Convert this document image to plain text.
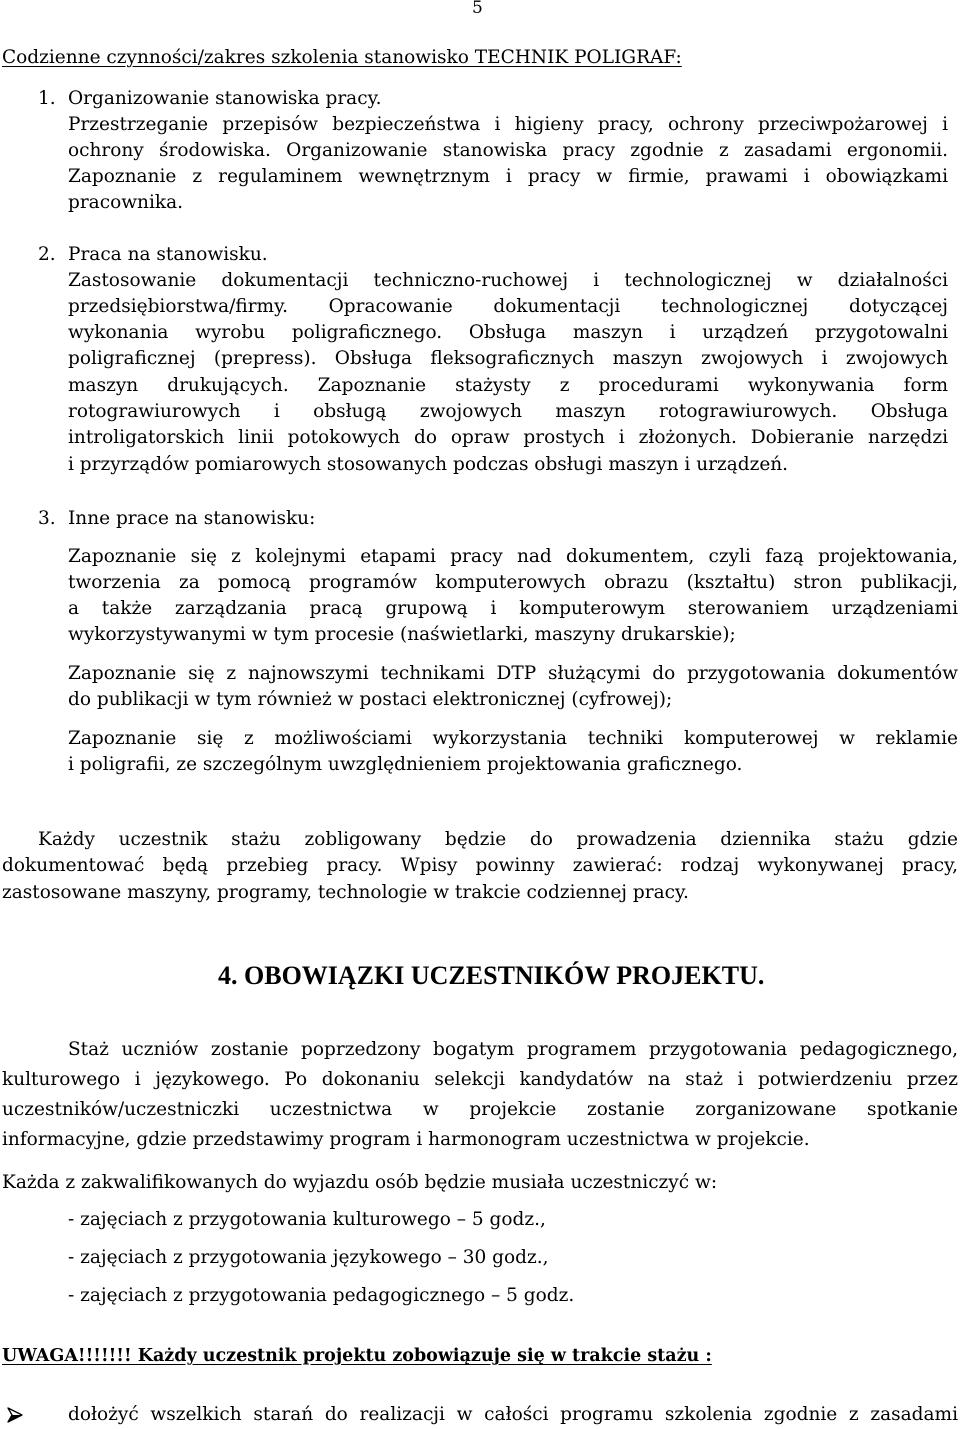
5
Codzienne czynności/zakres szkolenia stanowisko TECHNIK POLIGRAF:
1. Organizowanie stanowiska pracy.
Przestrzeganie przepisów bezpieczeństwa i higieny pracy, ochrony przeciwpożarowej i
ochrony środowiska. Organizowanie stanowiska pracy zgodnie z zasadami ergonomii.
Zapoznanie z regulaminem wewnętrznym i pracy w firmie, prawami i obowiązkami
pracownika.
2. Praca na stanowisku.
Zastosowanie dokumentacji techniczno-ruchowej i technologicznej w działalności
przedsiębiorstwa/firmy. Opracowanie dokumentacji technologicznej dotyczącej
wykonania wyrobu poligraficznego. Obsługa maszyn i urządzeń przygotowalni
poligraficznej (prepress). Obsługa fleksograficznych maszyn zwojowych i zwojowych
maszyn drukujących. Zapoznanie stażysty z procedurami wykonywania form
rotograwiurowych i obsługą zwojowych maszyn rotograwiurowych. Obsługa
introligatorskich linii potokowych do opraw prostych i złożonych. Dobieranie narzędzi
i przyrządów pomiarowych stosowanych podczas obsługi maszyn i urządzeń.
3. Inne prace na stanowisku:
Zapoznanie się z kolejnymi etapami pracy nad dokumentem, czyli fazą projektowania,
tworzenia za pomocą programów komputerowych obrazu (kształtu) stron publikacji,
a także zarządzania pracą grupową i komputerowym sterowaniem urządzeniami
wykorzystywanymi w tym procesie (naświetlarki, maszyny drukarskie);
Zapoznanie się z najnowszymi technikami DTP służącymi do przygotowania dokumentów
do publikacji w tym również w postaci elektronicznej (cyfrowej);
Zapoznanie się z możliwościami wykorzystania techniki komputerowej w reklamie
i poligrafii, ze szczególnym uwzględnieniem projektowania graficznego.
Każdy uczestnik stażu zobligowany będzie do prowadzenia dziennika stażu gdzie
dokumentować będą przebieg pracy. Wpisy powinny zawierać: rodzaj wykonywanej pracy,
zastosowane maszyny, programy, technologie w trakcie codziennej pracy.
4. OBOWIĄZKI UCZESTNIKÓW PROJEKTU.
Staż uczniów zostanie poprzedzony bogatym programem przygotowania pedagogicznego,
kulturowego i językowego. Po dokonaniu selekcji kandydatów na staż i potwierdzeniu przez
uczestników/uczestniczki uczestnictwa w projekcie zostanie zorganizowane spotkanie
informacyjne, gdzie przedstawimy program i harmonogram uczestnictwa w projekcie.
Każda z zakwalifikowanych do wyjazdu osób będzie musiała uczestniczyć w:
- zajęciach z przygotowania kulturowego – 5 godz.,
- zajęciach z przygotowania językowego – 30 godz.,
- zajęciach z przygotowania pedagogicznego – 5 godz.
UWAGA!!!!!!! Każdy uczestnik projektu zobowiązuje się w trakcie stażu :
dołożyć wszelkich starań do realizacji w całości programu szkolenia zgodnie z zasadami
